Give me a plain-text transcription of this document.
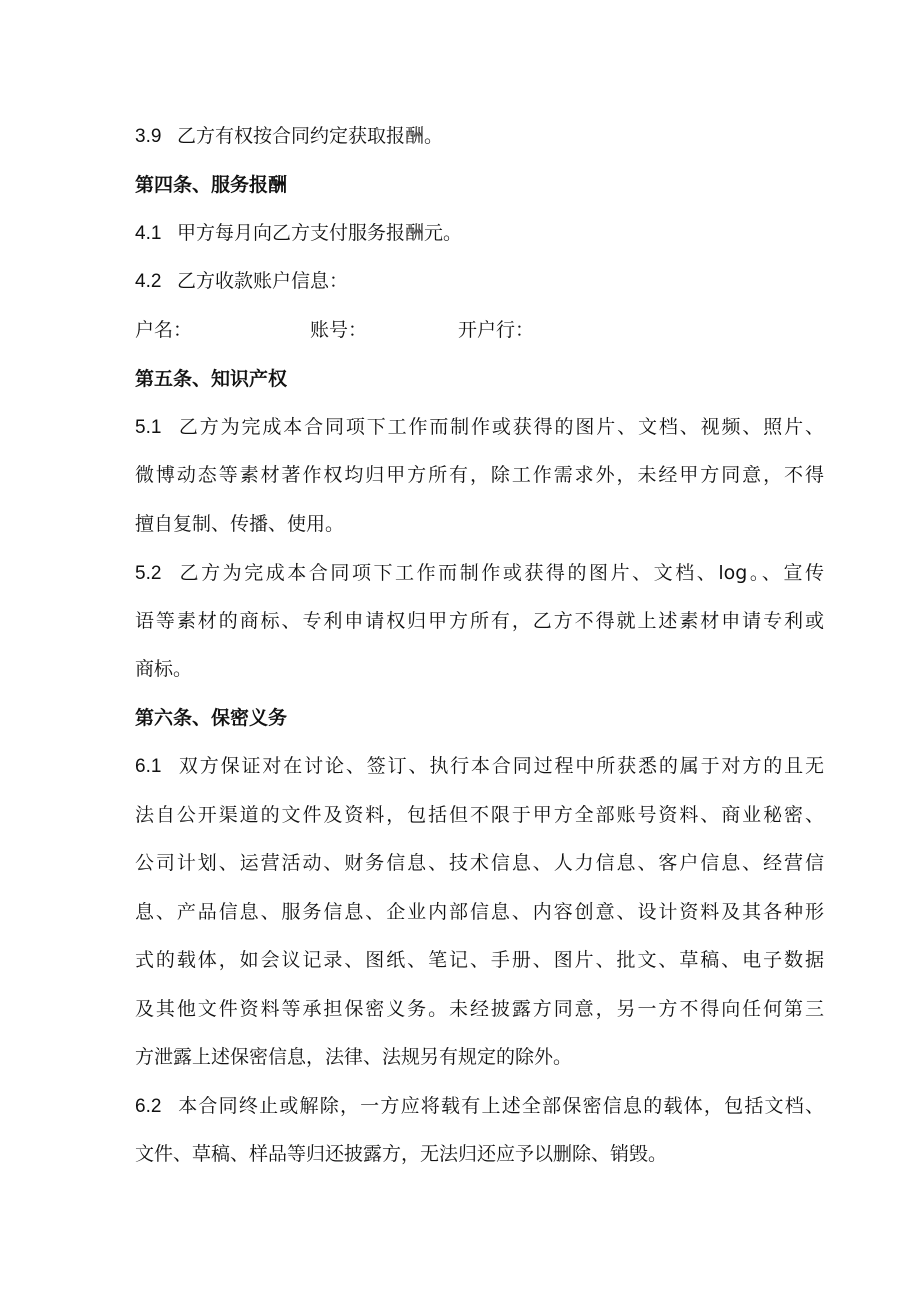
3.9 乙方有权按合同约定获取报酬。
第四条、服务报酬
4.1 甲方每月向乙方支付服务报酬元。
4.2 乙方收款账户信息：
户名：	账号：	开户行：
第五条、知识产权
5.1 乙方为完成本合同项下工作而制作或获得的图片、文档、视频、照片、
微博动态等素材著作权均归甲方所有，除工作需求外，未经甲方同意，不得
擅自复制、传播、使用。
5.2 乙方为完成本合同项下工作而制作或获得的图片、文档、log。、宣传
语等素材的商标、专利申请权归甲方所有，乙方不得就上述素材申请专利或
商标。
第六条、保密义务
6.1 双方保证对在讨论、签订、执行本合同过程中所获悉的属于对方的且无
法自公开渠道的文件及资料，包括但不限于甲方全部账号资料、商业秘密、
公司计划、运营活动、财务信息、技术信息、人力信息、客户信息、经营信
息、产品信息、服务信息、企业内部信息、内容创意、设计资料及其各种形
式的载体，如会议记录、图纸、笔记、手册、图片、批文、草稿、电子数据
及其他文件资料等承担保密义务。未经披露方同意，另一方不得向任何第三
方泄露上述保密信息，法律、法规另有规定的除外。
6.2 本合同终止或解除，一方应将载有上述全部保密信息的载体，包括文档、
文件、草稿、样品等归还披露方，无法归还应予以删除、销毁。
